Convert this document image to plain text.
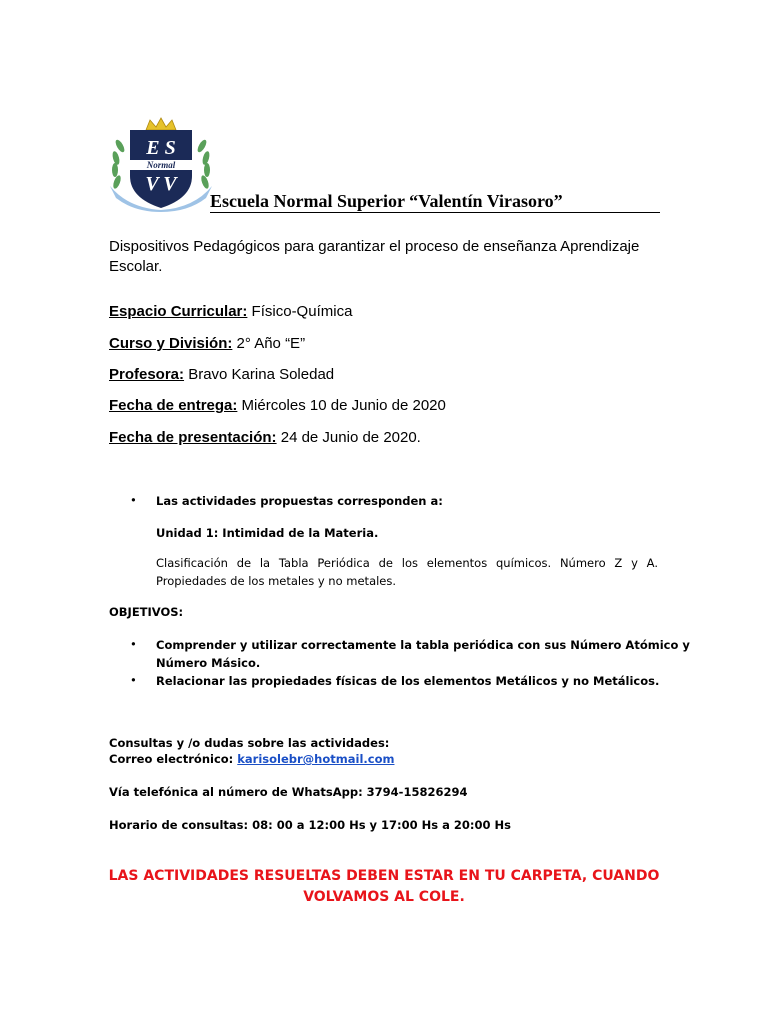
E S
Normal
V V
Escuela Normal Superior “Valentín Virasoro”
Dispositivos Pedagógicos para garantizar el proceso de enseñanza Aprendizaje Escolar.
Espacio Curricular: Físico-Química
Curso y División: 2° Año “E”
Profesora: Bravo Karina Soledad
Fecha de entrega: Miércoles 10 de Junio de 2020
Fecha de presentación: 24 de Junio de 2020.
• Las actividades propuestas corresponden a:
Unidad 1: Intimidad de la Materia.
Clasificación de la Tabla Periódica de los elementos químicos. Número Z y A.
Propiedades de los metales y no metales.
OBJETIVOS:
• Comprender y utilizar correctamente la tabla periódica con sus Número Atómico y
Número Másico.
• Relacionar las propiedades físicas de los elementos Metálicos y no Metálicos.
Consultas y /o dudas sobre las actividades:
Correo electrónico: karisolebr@hotmail.com
Vía telefónica al número de WhatsApp: 3794-15826294
Horario de consultas: 08: 00 a 12:00 Hs y 17:00 Hs a 20:00 Hs
LAS ACTIVIDADES RESUELTAS DEBEN ESTAR EN TU CARPETA, CUANDO
VOLVAMOS AL COLE.
